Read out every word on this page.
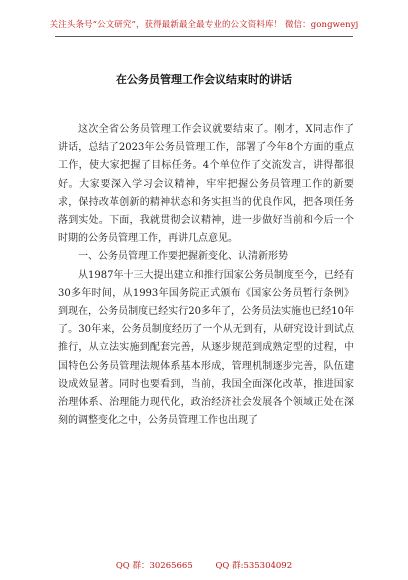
关注头条号“公文研究”，获得最新最全最专业的公文资料库！ 微信：gongwenyj
在公务员管理工作会议结束时的讲话

这次全省公务员管理工作会议就要结束了。刚才，X同志作了讲话，总结了2023年公务员管理工作，部署了今年8个方面的重点工作，使大家把握了目标任务。4个单位作了交流发言，讲得都很好。大家要深入学习会议精神，牢牢把握公务员管理工作的新要求，保持改革创新的精神状态和务实担当的优良作风，把各项任务落到实处。下面，我就贯彻会议精神，进一步做好当前和今后一个时期的公务员管理工作，再讲几点意见。

一、公务员管理工作要把握新变化、认清新形势

从1987年十三大提出建立和推行国家公务员制度至今，已经有30多年时间，从1993年国务院正式颁布《国家公务员暂行条例》到现在，公务员制度已经实行20多年了，公务员法实施也已经10年了。30年来，公务员制度经历了一个从无到有，从研究设计到试点推行，从立法实施到配套完善，从逐步规范到成熟定型的过程，中国特色公务员管理法规体系基本形成，管理机制逐步完善，队伍建设成效显著。同时也要看到，当前，我国全面深化改革，推进国家治理体系、治理能力现代化，政治经济社会发展各个领域正处在深刻的调整变化之中，公务员管理工作也出现了

QQ 群：30265665	QQ 群:535304092
